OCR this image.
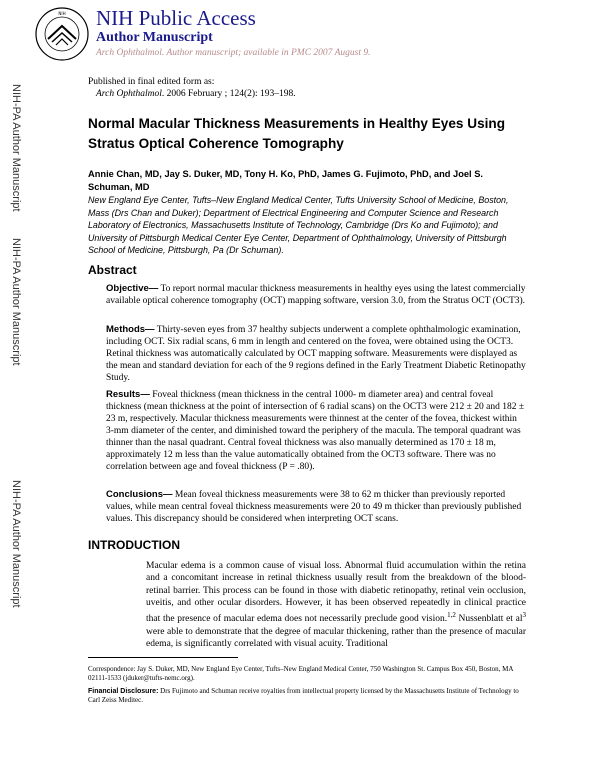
NIH NIH Public Access
Author Manuscript
Arch Ophthalmol. Author manuscript; available in PMC 2007 August 9.
Published in final edited form as:
Arch Ophthalmol. 2006 February ; 124(2): 193–198.
NIH-PA Author Manuscript
NIH-PA Author Manuscript
NIH-PA Author Manuscript
Normal Macular Thickness Measurements in Healthy Eyes Using Stratus Optical Coherence Tomography
Annie Chan, MD, Jay S. Duker, MD, Tony H. Ko, PhD, James G. Fujimoto, PhD, and Joel S. Schuman, MD
New England Eye Center, Tufts–New England Medical Center, Tufts University School of Medicine, Boston, Mass (Drs Chan and Duker); Department of Electrical Engineering and Computer Science and Research Laboratory of Electronics, Massachusetts Institute of Technology, Cambridge (Drs Ko and Fujimoto); and University of Pittsburgh Medical Center Eye Center, Department of Ophthalmology, University of Pittsburgh School of Medicine, Pittsburgh, Pa (Dr Schuman).
Abstract
Objective— To report normal macular thickness measurements in healthy eyes using the latest commercially available optical coherence tomography (OCT) mapping software, version 3.0, from the Stratus OCT (OCT3).
Methods— Thirty-seven eyes from 37 healthy subjects underwent a complete ophthalmologic examination, including OCT. Six radial scans, 6 mm in length and centered on the fovea, were obtained using the OCT3. Retinal thickness was automatically calculated by OCT mapping software. Measurements were displayed as the mean and standard deviation for each of the 9 regions defined in the Early Treatment Diabetic Retinopathy Study.
Results— Foveal thickness (mean thickness in the central 1000- m diameter area) and central foveal thickness (mean thickness at the point of intersection of 6 radial scans) on the OCT3 were 212 ± 20 and 182 ± 23 m, respectively. Macular thickness measurements were thinnest at the center of the fovea, thickest within 3-mm diameter of the center, and diminished toward the periphery of the macula. The temporal quadrant was thinner than the nasal quadrant. Central foveal thickness was also manually determined as 170 ± 18 m, approximately 12 m less than the value automatically obtained from the OCT3 software. There was no correlation between age and foveal thickness (P = .80).
Conclusions— Mean foveal thickness measurements were 38 to 62 m thicker than previously reported values, while mean central foveal thickness measurements were 20 to 49 m thicker than previously published values. This discrepancy should be considered when interpreting OCT scans.
INTRODUCTION
Macular edema is a common cause of visual loss. Abnormal fluid accumulation within the retina and a concomitant increase in retinal thickness usually result from the breakdown of the blood-retinal barrier. This process can be found in those with diabetic retinopathy, retinal vein occlusion, uveitis, and other ocular disorders. However, it has been observed repeatedly in clinical practice that the presence of macular edema does not necessarily preclude good vision.$^{1,2}$ Nussenblatt et $al^3$ were able to demonstrate that the degree of macular thickening, rather than the presence of macular edema, is significantly correlated with visual acuity. Traditional
Correspondence: Jay S. Duker, MD, New England Eye Center, Tufts–New England Medical Center, 750 Washington St. Campus Box 450, Boston, MA 02111-1533 (jduker@tufts-nemc.org).
Financial Disclosure: Drs Fujimoto and Schuman receive royalties from intellectual property licensed by the Massachusetts Institute of Technology to Carl Zeiss Meditec.
